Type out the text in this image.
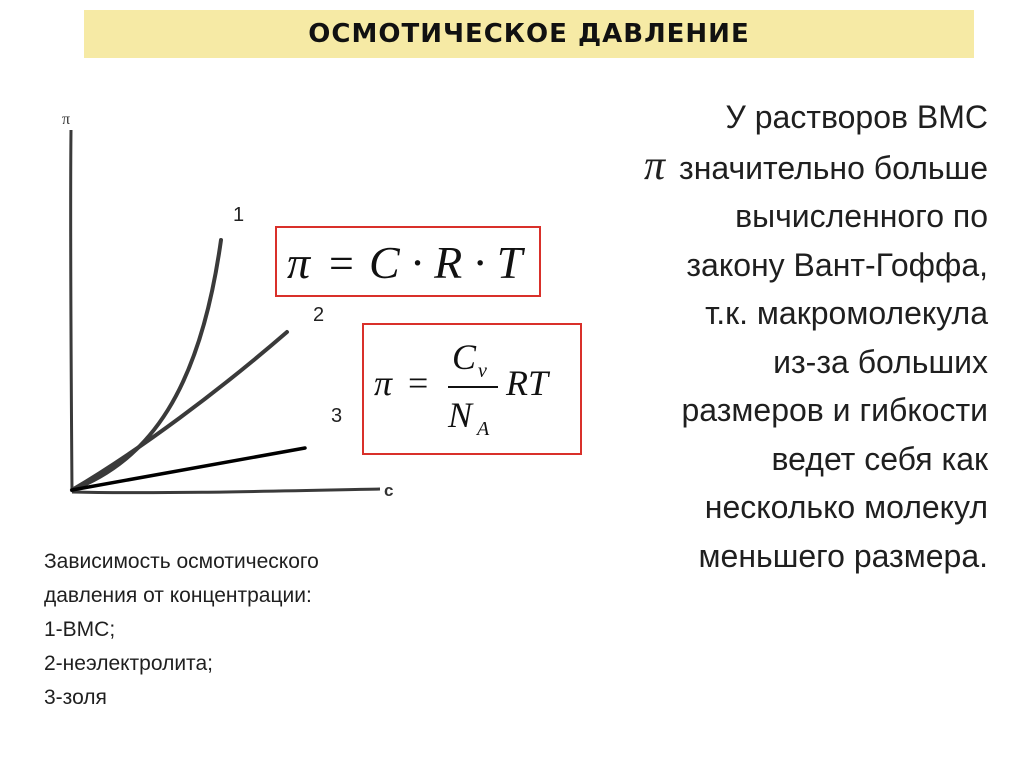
ОСМОТИЧЕСКОЕ ДАВЛЕНИЕ
π
c
1
2
3
π = C · R · T
π =
C ν
N A
RT
Зависимость осмотического
давления от концентрации:
1-ВМС;
2-неэлектролита;
3-золя
У растворов ВМС
π значительно больше
вычисленного по
закону Вант-Гоффа,
т.к. макромолекула
из-за больших
размеров и гибкости
ведет себя как
несколько молекул
меньшего размера.
